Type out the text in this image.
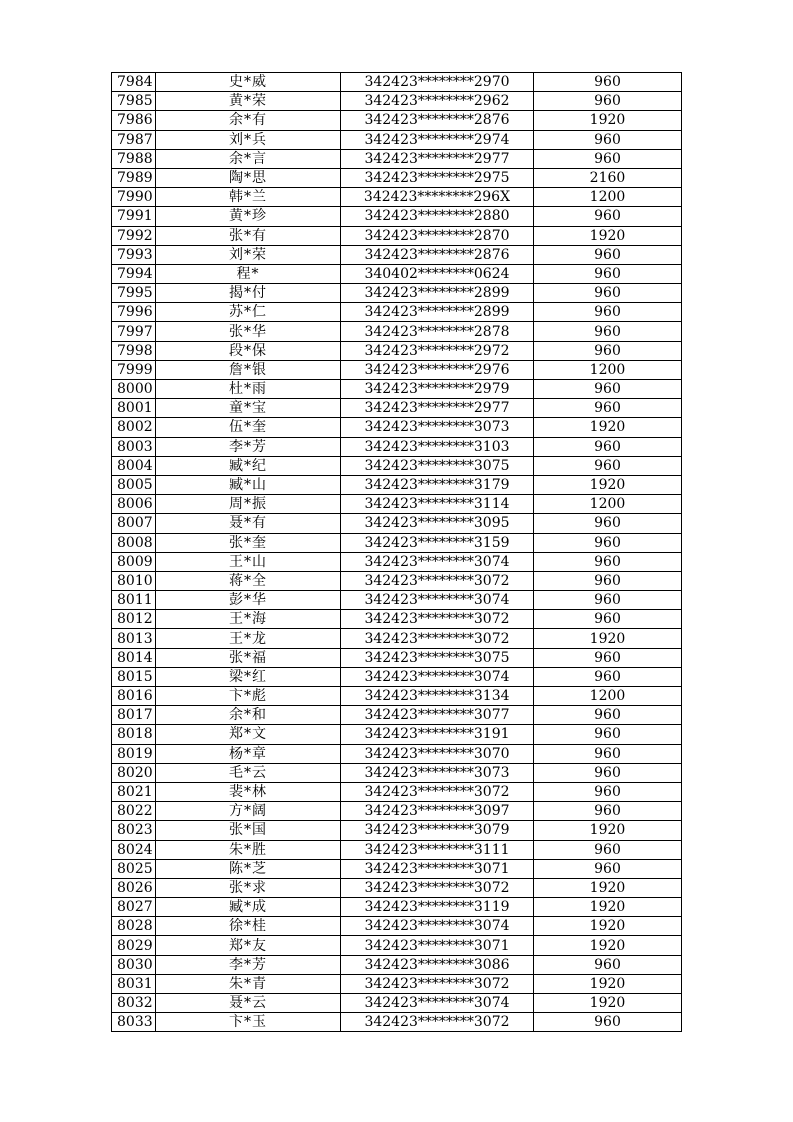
7984	史*威	342423********2970	960
7985	黄*荣	342423********2962	960
7986	余*有	342423********2876	1920
7987	刘*兵	342423********2974	960
7988	余*言	342423********2977	960
7989	陶*思	342423********2975	2160
7990	韩*兰	342423********296X	1200
7991	黄*珍	342423********2880	960
7992	张*有	342423********2870	1920
7993	刘*荣	342423********2876	960
7994	程*	340402********0624	960
7995	揭*付	342423********2899	960
7996	苏*仁	342423********2899	960
7997	张*华	342423********2878	960
7998	段*保	342423********2972	960
7999	詹*银	342423********2976	1200
8000	杜*雨	342423********2979	960
8001	童*宝	342423********2977	960
8002	伍*奎	342423********3073	1920
8003	李*芳	342423********3103	960
8004	臧*纪	342423********3075	960
8005	臧*山	342423********3179	1920
8006	周*振	342423********3114	1200
8007	聂*有	342423********3095	960
8008	张*奎	342423********3159	960
8009	王*山	342423********3074	960
8010	蒋*全	342423********3072	960
8011	彭*华	342423********3074	960
8012	王*海	342423********3072	960
8013	王*龙	342423********3072	1920
8014	张*福	342423********3075	960
8015	梁*红	342423********3074	960
8016	卞*彪	342423********3134	1200
8017	余*和	342423********3077	960
8018	郑*文	342423********3191	960
8019	杨*章	342423********3070	960
8020	毛*云	342423********3073	960
8021	裴*林	342423********3072	960
8022	方*阔	342423********3097	960
8023	张*国	342423********3079	1920
8024	朱*胜	342423********3111	960
8025	陈*芝	342423********3071	960
8026	张*求	342423********3072	1920
8027	臧*成	342423********3119	1920
8028	徐*桂	342423********3074	1920
8029	郑*友	342423********3071	1920
8030	李*芳	342423********3086	960
8031	朱*青	342423********3072	1920
8032	聂*云	342423********3074	1920
8033	卞*玉	342423********3072	960
